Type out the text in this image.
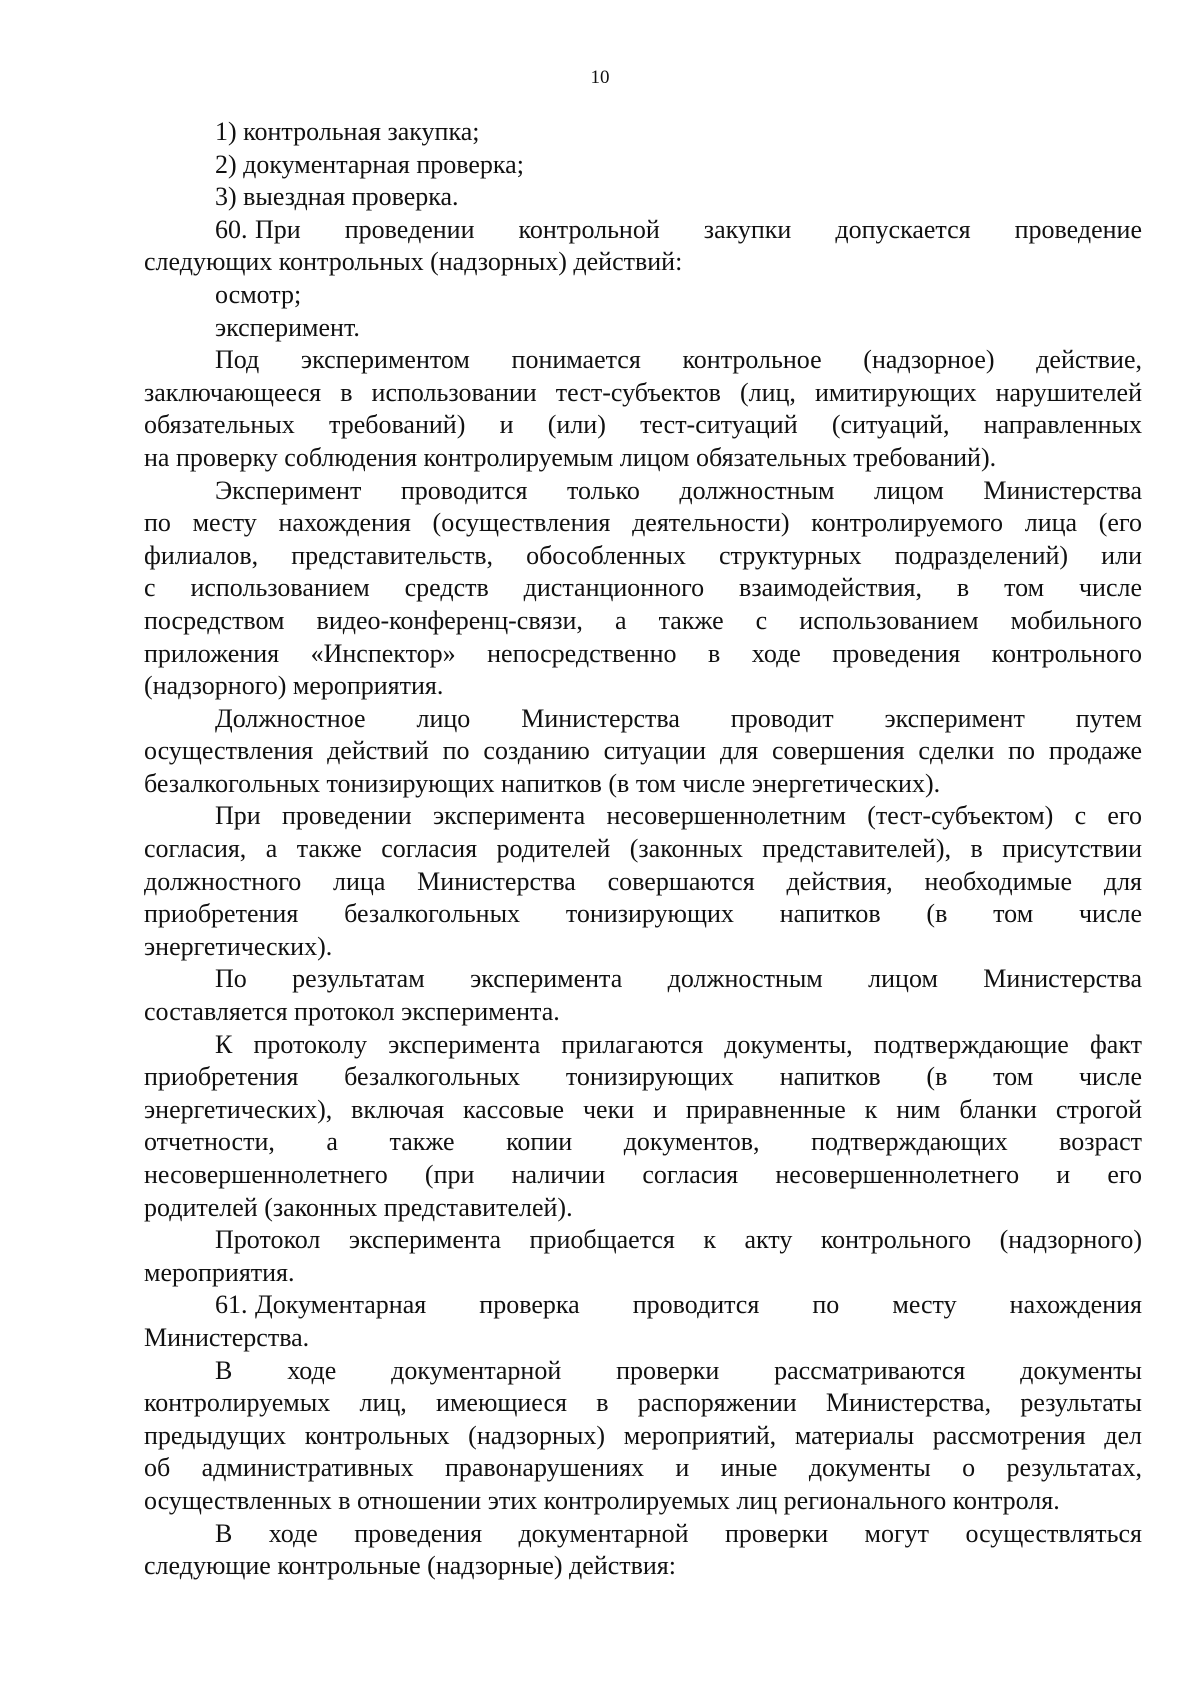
10

1) контрольная закупка;

2) документарная проверка;

3) выездная проверка.

60. При проведении контрольной закупки допускается проведение

следующих контрольных (надзорных) действий:

осмотр;

эксперимент.

Под экспериментом понимается контрольное (надзорное) действие,

заключающееся в использовании тест-субъектов (лиц, имитирующих нарушителей

обязательных требований) и (или) тест-ситуаций (ситуаций, направленных

на проверку соблюдения контролируемым лицом обязательных требований).

Эксперимент проводится только должностным лицом Министерства

по месту нахождения (осуществления деятельности) контролируемого лица (его

филиалов, представительств, обособленных структурных подразделений) или

с использованием средств дистанционного взаимодействия, в том числе

посредством видео-конференц-связи, а также с использованием мобильного

приложения «Инспектор» непосредственно в ходе проведения контрольного

(надзорного) мероприятия.

Должностное лицо Министерства проводит эксперимент путем

осуществления действий по созданию ситуации для совершения сделки по продаже

безалкогольных тонизирующих напитков (в том числе энергетических).

При проведении эксперимента несовершеннолетним (тест-субъектом) с его

согласия, а также согласия родителей (законных представителей), в присутствии

должностного лица Министерства совершаются действия, необходимые для

приобретения безалкогольных тонизирующих напитков (в том числе

энергетических).

По результатам эксперимента должностным лицом Министерства

составляется протокол эксперимента.

К протоколу эксперимента прилагаются документы, подтверждающие факт

приобретения безалкогольных тонизирующих напитков (в том числе

энергетических), включая кассовые чеки и приравненные к ним бланки строгой

отчетности, а также копии документов, подтверждающих возраст

несовершеннолетнего (при наличии согласия несовершеннолетнего и его

родителей (законных представителей).

Протокол эксперимента приобщается к акту контрольного (надзорного)

мероприятия.

61. Документарная проверка проводится по месту нахождения

Министерства.

В ходе документарной проверки рассматриваются документы

контролируемых лиц, имеющиеся в распоряжении Министерства, результаты

предыдущих контрольных (надзорных) мероприятий, материалы рассмотрения дел

об административных правонарушениях и иные документы о результатах,

осуществленных в отношении этих контролируемых лиц регионального контроля.

В ходе проведения документарной проверки могут осуществляться

следующие контрольные (надзорные) действия:
